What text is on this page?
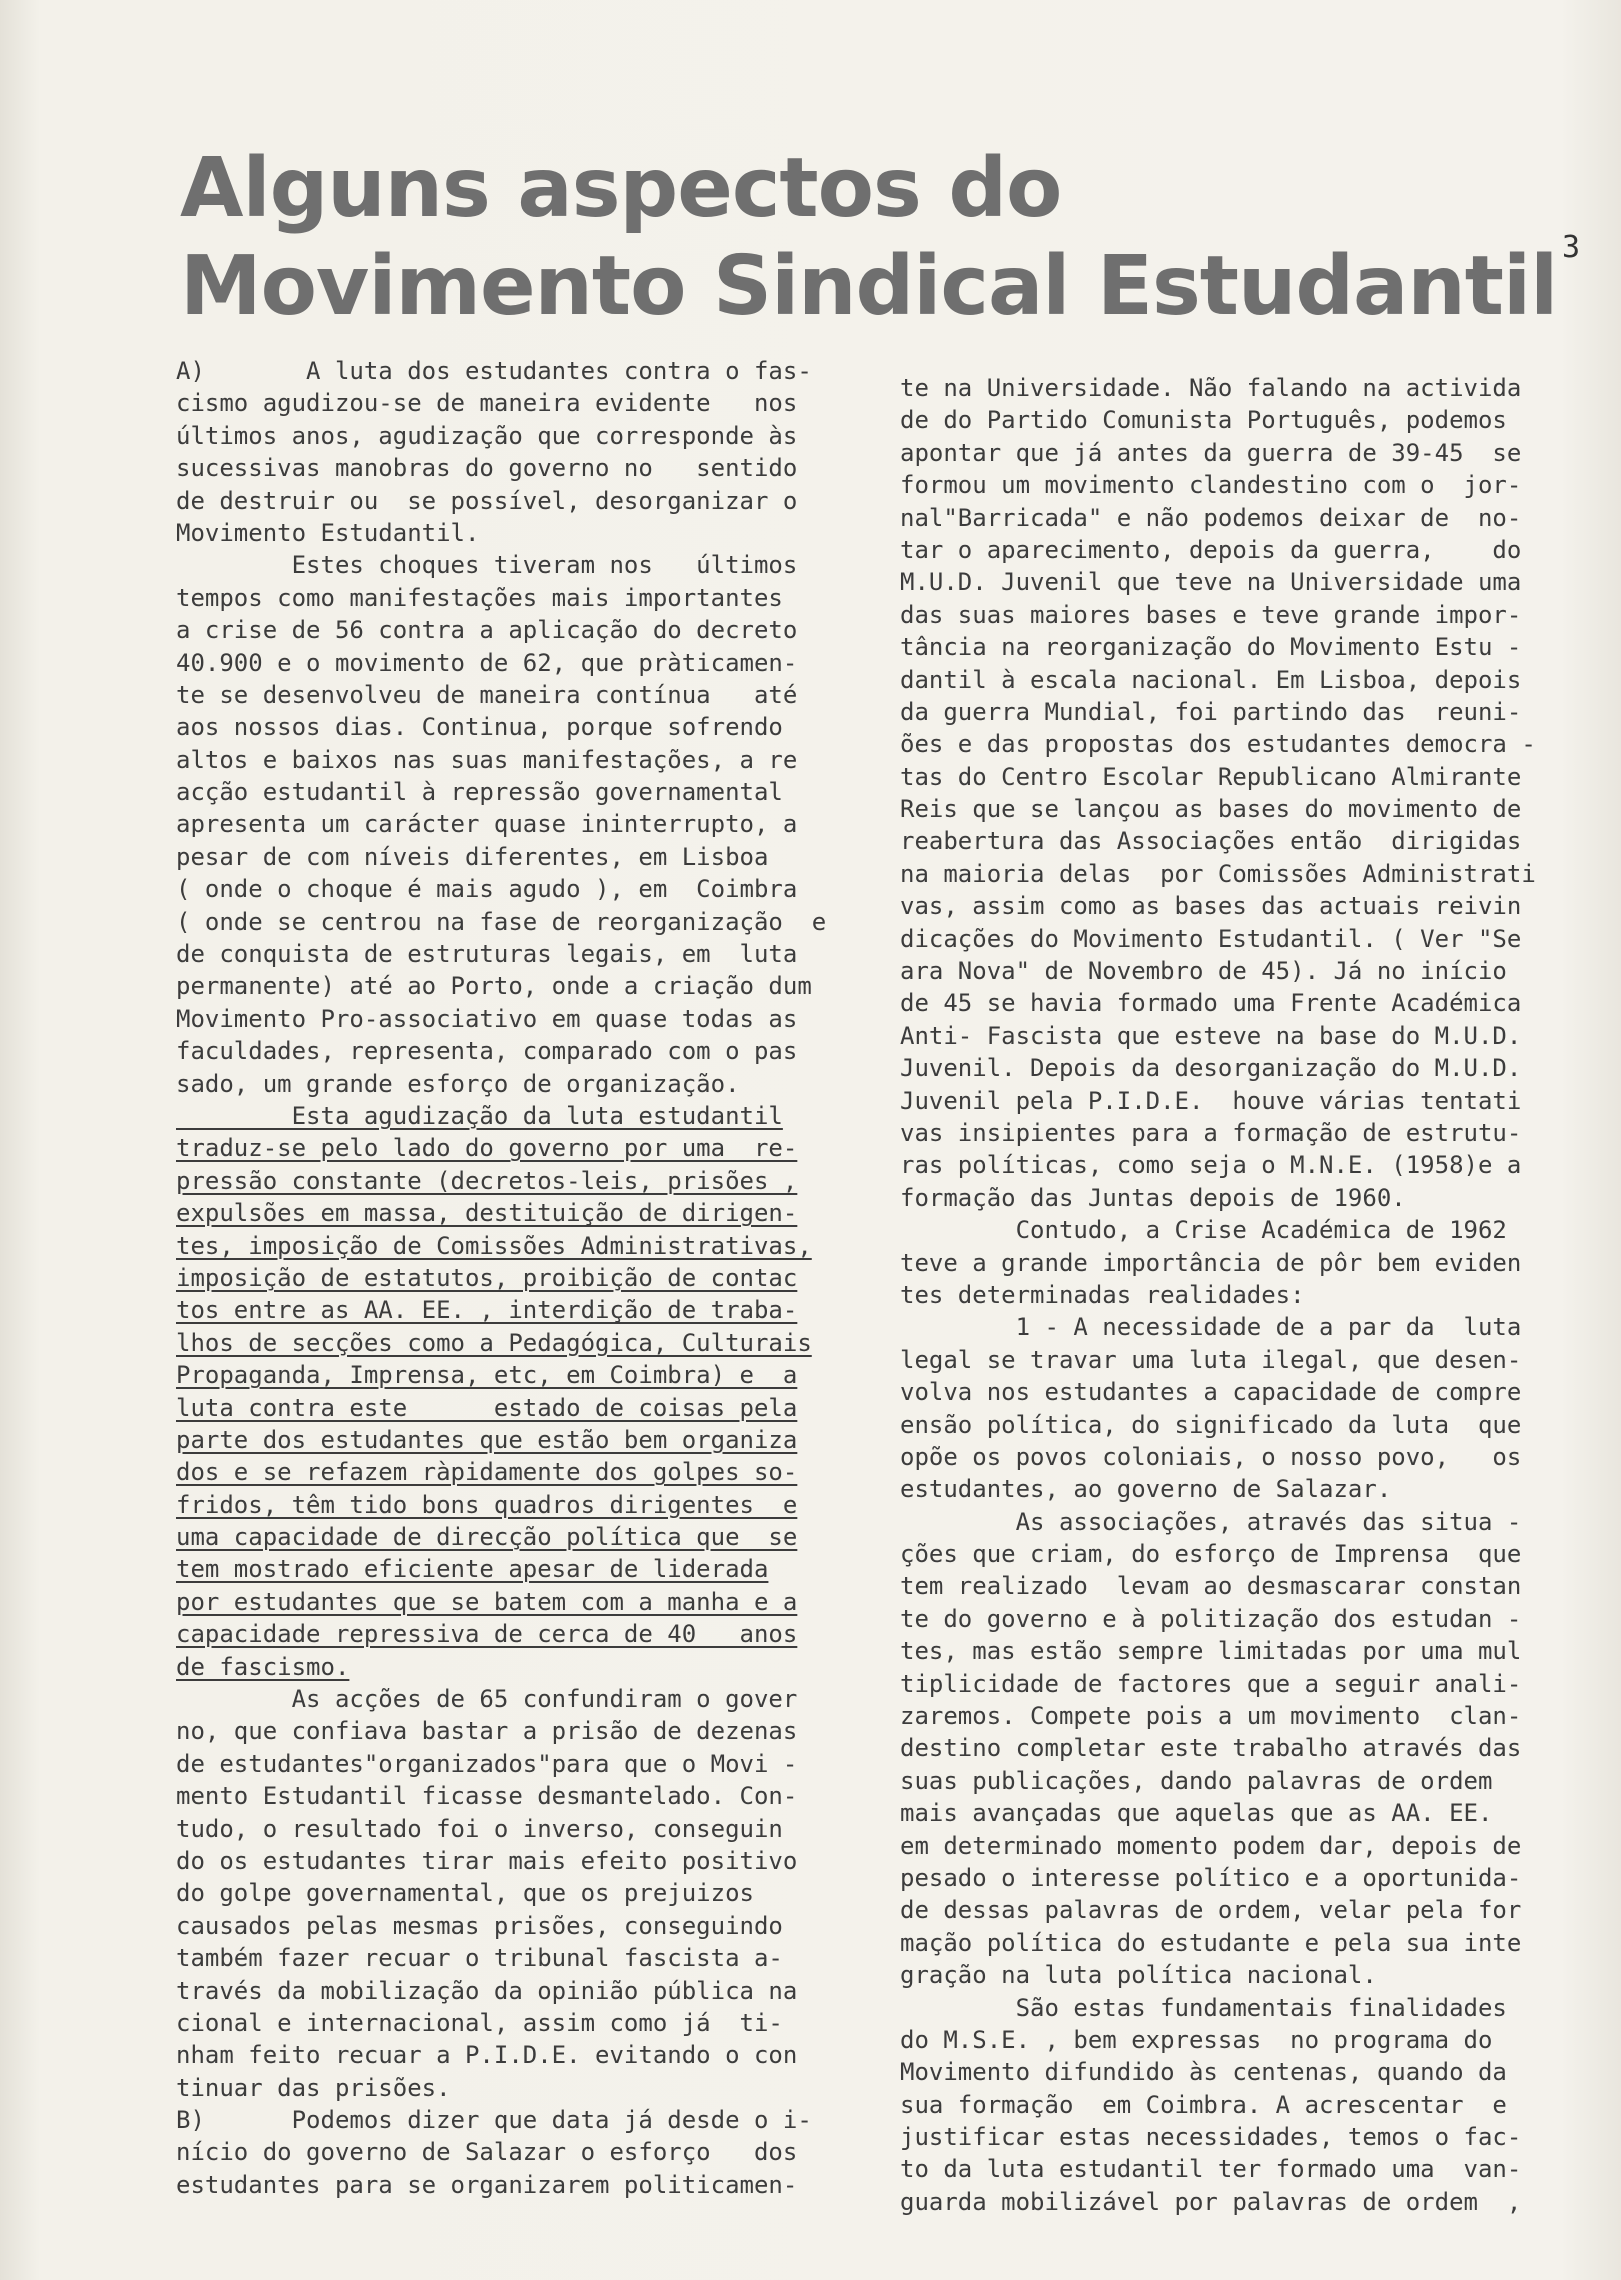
Alguns aspectos do
Movimento Sindical Estudantil 3
A)       A luta dos estudantes contra o fas-
cismo agudizou-se de maneira evidente   nos
últimos anos, agudização que corresponde às
sucessivas manobras do governo no   sentido
de destruir ou  se possível, desorganizar o
Movimento Estudantil.
Estes choques tiveram nos   últimos
tempos como manifestações mais importantes
a crise de 56 contra a aplicação do decreto
40.900 e o movimento de 62, que pràticamen-
te se desenvolveu de maneira contínua   até
aos nossos dias. Continua, porque sofrendo
altos e baixos nas suas manifestações, a re
acção estudantil à repressão governamental
apresenta um carácter quase ininterrupto, a
pesar de com níveis diferentes, em Lisboa
( onde o choque é mais agudo ), em  Coimbra
( onde se centrou na fase de reorganização  e
de conquista de estruturas legais, em  luta
permanente) até ao Porto, onde a criação dum
Movimento Pro-associativo em quase todas as
faculdades, representa, comparado com o pas
sado, um grande esforço de organização.
Esta agudização da luta estudantil
traduz-se pelo lado do governo por uma  re-
pressão constante (decretos-leis, prisões ,
expulsões em massa, destituição de dirigen-
tes, imposição de Comissões Administrativas,
imposição de estatutos, proibição de contac
tos entre as AA. EE. , interdição de traba-
lhos de secções como a Pedagógica, Culturais
Propaganda, Imprensa, etc, em Coimbra) e  a
luta contra este      estado de coisas pela
parte dos estudantes que estão bem organiza
dos e se refazem ràpidamente dos golpes so-
fridos, têm tido bons quadros dirigentes  e
uma capacidade de direcção política que  se
tem mostrado eficiente apesar de liderada
por estudantes que se batem com a manha e a
capacidade repressiva de cerca de 40   anos
de fascismo.
As acções de 65 confundiram o gover
no, que confiava bastar a prisão de dezenas
de estudantes"organizados"para que o Movi -
mento Estudantil ficasse desmantelado. Con-
tudo, o resultado foi o inverso, conseguin
do os estudantes tirar mais efeito positivo
do golpe governamental, que os prejuizos
causados pelas mesmas prisões, conseguindo
também fazer recuar o tribunal fascista a-
través da mobilização da opinião pública na
cional e internacional, assim como já  ti-
nham feito recuar a P.I.D.E. evitando o con
tinuar das prisões.
B)      Podemos dizer que data já desde o i-
nício do governo de Salazar o esforço   dos
estudantes para se organizarem politicamen-
te na Universidade. Não falando na activida
de do Partido Comunista Português, podemos
apontar que já antes da guerra de 39-45  se
formou um movimento clandestino com o  jor-
nal"Barricada" e não podemos deixar de  no-
tar o aparecimento, depois da guerra,    do
M.U.D. Juvenil que teve na Universidade uma
das suas maiores bases e teve grande impor-
tância na reorganização do Movimento Estu -
dantil à escala nacional. Em Lisboa, depois
da guerra Mundial, foi partindo das  reuni-
ões e das propostas dos estudantes democra -
tas do Centro Escolar Republicano Almirante
Reis que se lançou as bases do movimento de
reabertura das Associações então  dirigidas
na maioria delas  por Comissões Administrati
vas, assim como as bases das actuais reivin
dicações do Movimento Estudantil. ( Ver "Se
ara Nova" de Novembro de 45). Já no início
de 45 se havia formado uma Frente Académica
Anti- Fascista que esteve na base do M.U.D.
Juvenil. Depois da desorganização do M.U.D.
Juvenil pela P.I.D.E.  houve várias tentati
vas insipientes para a formação de estrutu-
ras políticas, como seja o M.N.E. (1958)e a
formação das Juntas depois de 1960.
Contudo, a Crise Académica de 1962
teve a grande importância de pôr bem eviden
tes determinadas realidades:
1 - A necessidade de a par da  luta
legal se travar uma luta ilegal, que desen-
volva nos estudantes a capacidade de compre
ensão política, do significado da luta  que
opõe os povos coloniais, o nosso povo,   os
estudantes, ao governo de Salazar.
As associações, através das situa -
ções que criam, do esforço de Imprensa  que
tem realizado  levam ao desmascarar constan
te do governo e à politização dos estudan -
tes, mas estão sempre limitadas por uma mul
tiplicidade de factores que a seguir anali-
zaremos. Compete pois a um movimento  clan-
destino completar este trabalho através das
suas publicações, dando palavras de ordem
mais avançadas que aquelas que as AA. EE.
em determinado momento podem dar, depois de
pesado o interesse político e a oportunida-
de dessas palavras de ordem, velar pela for
mação política do estudante e pela sua inte
gração na luta política nacional.
São estas fundamentais finalidades
do M.S.E. , bem expressas  no programa do
Movimento difundido às centenas, quando da
sua formação  em Coimbra. A acrescentar  e
justificar estas necessidades, temos o fac-
to da luta estudantil ter formado uma  van-
guarda mobilizável por palavras de ordem  ,
